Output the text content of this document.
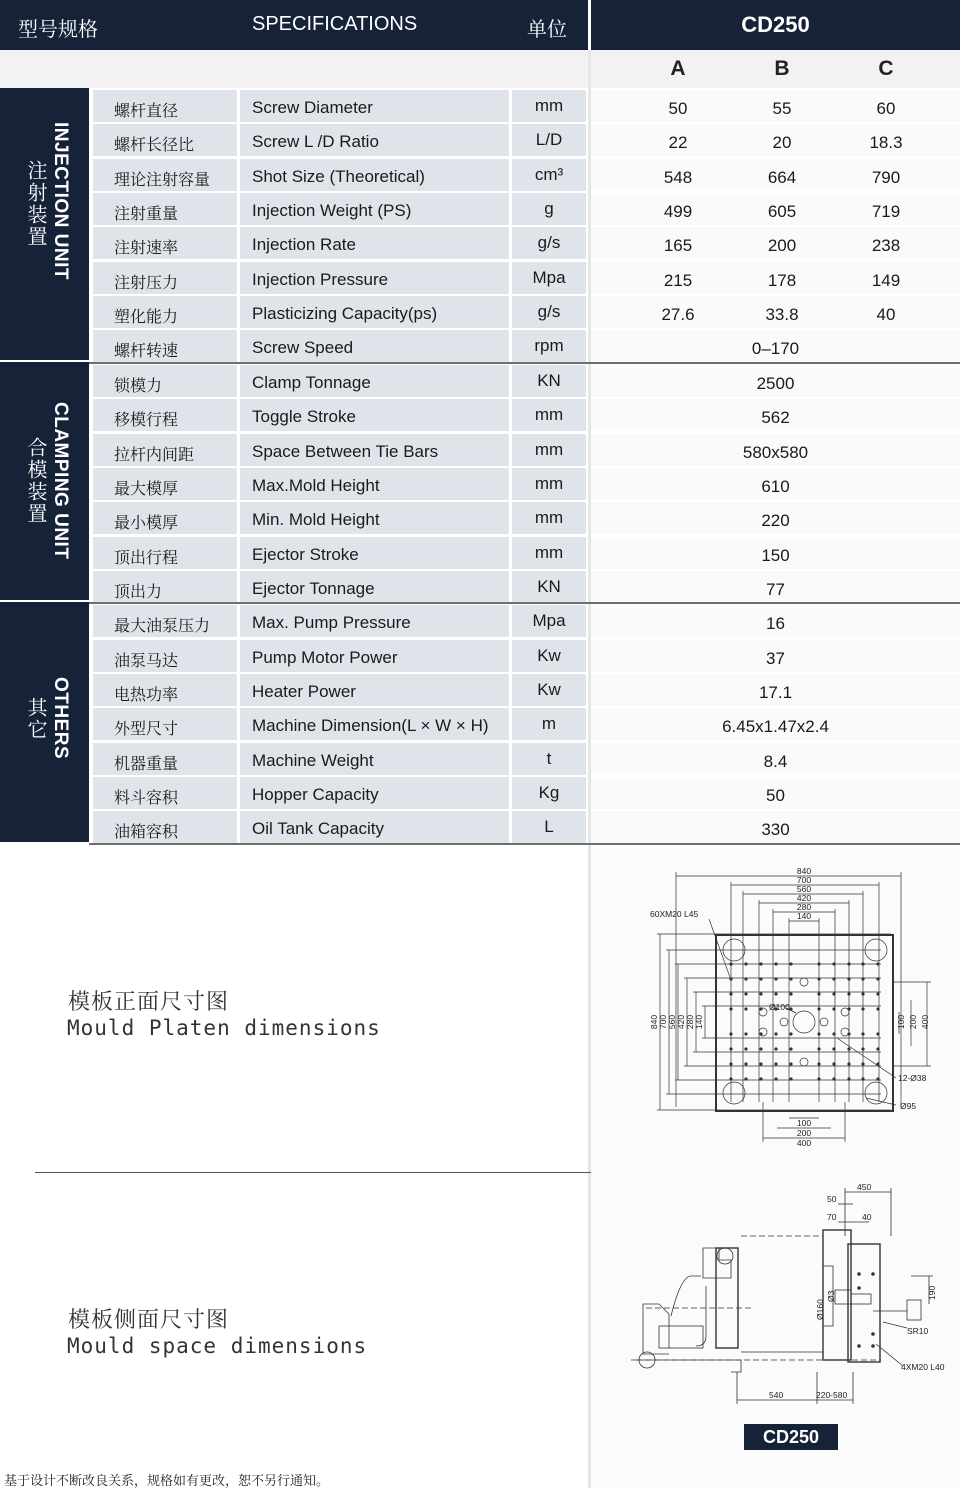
型号规格	SPECIFICATIONS	单位	CD250
A	B	C
INJECTION UNIT
注射装置
CLAMPING UNIT
合模装置
OTHERS
其它
螺杆直径	Screw Diameter	mm	50	55	60
螺杆长径比	Screw L /D Ratio	L/D	22	20	18.3
理论注射容量 Shot Size (Theoretical)	cm³	548	664	790
注射重量	Injection Weight (PS)	g	499	605	719
注射速率	Injection Rate	g/s	165	200	238
注射压力	Injection Pressure	Mpa	215	178	149
塑化能力	Plasticizing Capacity(ps)	g/s	27.6	33.8	40
螺杆转速	Screw Speed	rpm	0–170
锁模力	Clamp Tonnage	KN	2500
移模行程	Toggle Stroke	mm	562
拉杆内间距	Space Between Tie Bars	mm	580x580
最大模厚	Max.Mold Height	mm	610
最小模厚	Min. Mold Height	mm	220
顶出行程	Ejector Stroke	mm	150
顶出力	Ejector Tonnage	KN	77
最大油泵压力 Max. Pump Pressure	Mpa	16
油泵马达	Pump Motor Power	Kw	37
电热功率	Heater Power	Kw	17.1
外型尺寸	Machine Dimension(L × W × H)	m	6.45x1.47x2.4
机器重量	Machine Weight	t	8.4
料斗容积	Hopper Capacity	Kg	50
油箱容积	Oil Tank Capacity	L	330
模板正面尺寸图
Mould Platen dimensions
模板侧面尺寸图
Mould space dimensions
840
700
560
420
280
140
100
200
400
840 700 560 420 280 140	100 200 400
60XM20 L45
Ø100
12-Ø38
Ø95
450
50
70	40
190
Ø160
Ø3
540	220-580
SR10
4XM20 L40
CD250
基于设计不断改良关系，规格如有更改，恕不另行通知。
